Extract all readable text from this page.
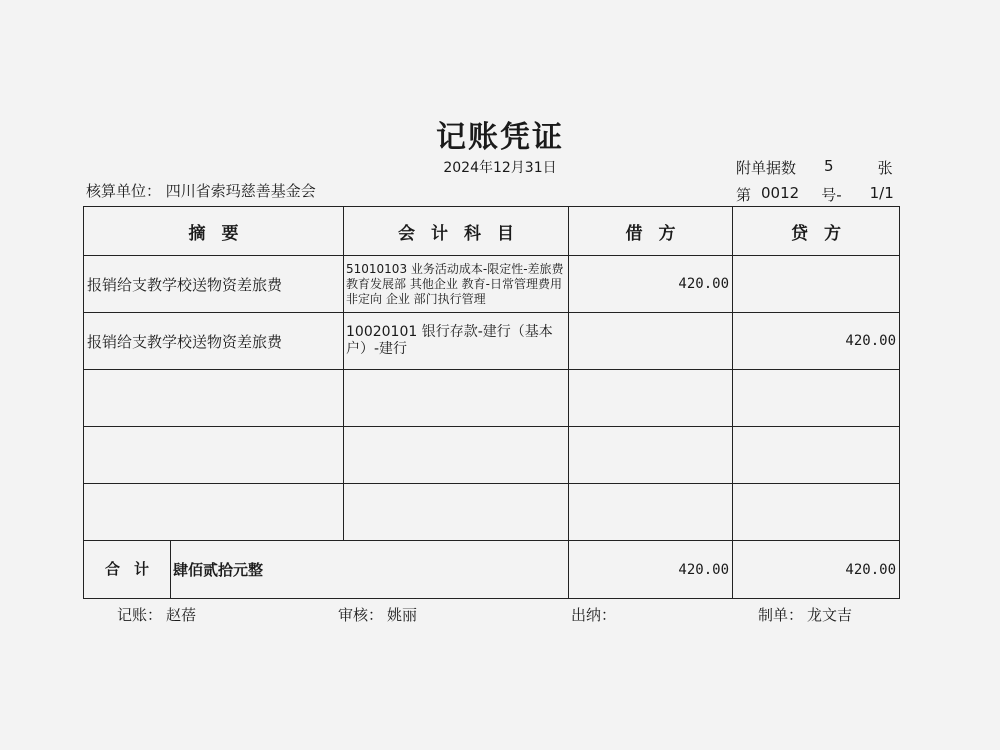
记账凭证
2024年12月31日	附单据数 5	张
核算单位： 四川省索玛慈善基金会	第 0012 号- 1/1
摘要	会计科目	借方	贷方
报销给支教学校送物资差旅费	51010103 业务活动成本-限定性-差旅费 教育发展部 其他企业 教育-日常管理费用 非定向 企业 部门执行管理	420.00	
报销给支教学校送物资差旅费	10020101 银行存款-建行（基本户）-建行		420.00

合计 肆佰贰拾元整		420.00	420.00
记账： 赵蓓	审核： 姚丽	出纳：	制单： 龙文吉
